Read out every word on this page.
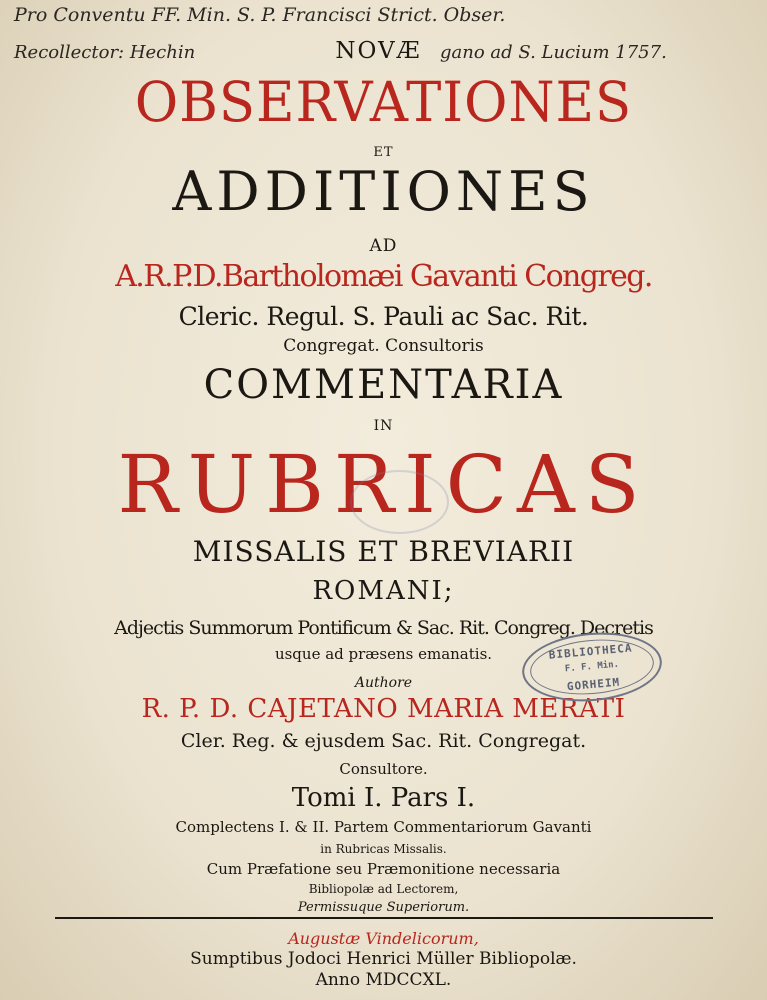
Pro Conventu FF. Min. S. P. Francisci Strict. Obser.

Recollector: Hechin	gano ad S. Lucium 1757.

NOVÆ

OBSERVATIONES

ET

ADDITIONES

AD

A.R.P.D.Bartholomæi Gavanti Congreg.

Cleric. Regul. S. Pauli ac Sac. Rit.

Congregat. Consultoris

COMMENTARIA

IN

RUBRICAS

MISSALIS ET BREVIARII

ROMANI;

Adjectis Summorum Pontificum & Sac. Rit. Congreg. Decretis

usque ad præsens emanatis.

Authore

R. P. D. CAJETANO MARIA MERATI

Cler. Reg. & ejusdem Sac. Rit. Congregat.

Consultore.

Tomi I. Pars I.

Complectens I. & II. Partem Commentariorum Gavanti

in Rubricas Missalis.

Cum Præfatione seu Præmonitione necessaria

Bibliopolæ ad Lectorem,

Permissuque Superiorum.

Augustæ Vindelicorum,

Sumptibus Jodoci Henrici Müller Bibliopolæ.

Anno MDCCXL.

BIBLIOTHECA
F. F. Min.
GORHEIM
